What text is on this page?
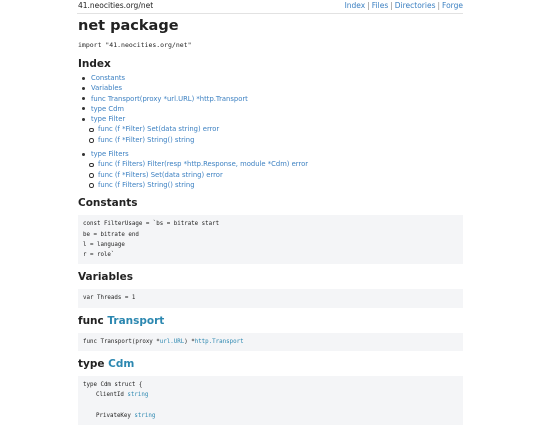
41.neocities.org/net	Index | Files | Directories | Forge
net package
import "41.neocities.org/net"
Index
Constants
Variables
func Transport(proxy *url.URL) *http.Transport
type Cdm
type Filter
func (f *Filter) Set(data string) error
func (f *Filter) String() string
type Filters
func (f Filters) Filter(resp *http.Response, module *Cdm) error
func (f *Filters) Set(data string) error
func (f Filters) String() string
Constants
const FilterUsage = `bs = bitrate start
be = bitrate end
l = language
r = role`
Variables
var Threads = 1
func Transport
func Transport(proxy *url.URL) *http.Transport
type Cdm
type Cdm struct {
ClientId string

PrivateKey string
